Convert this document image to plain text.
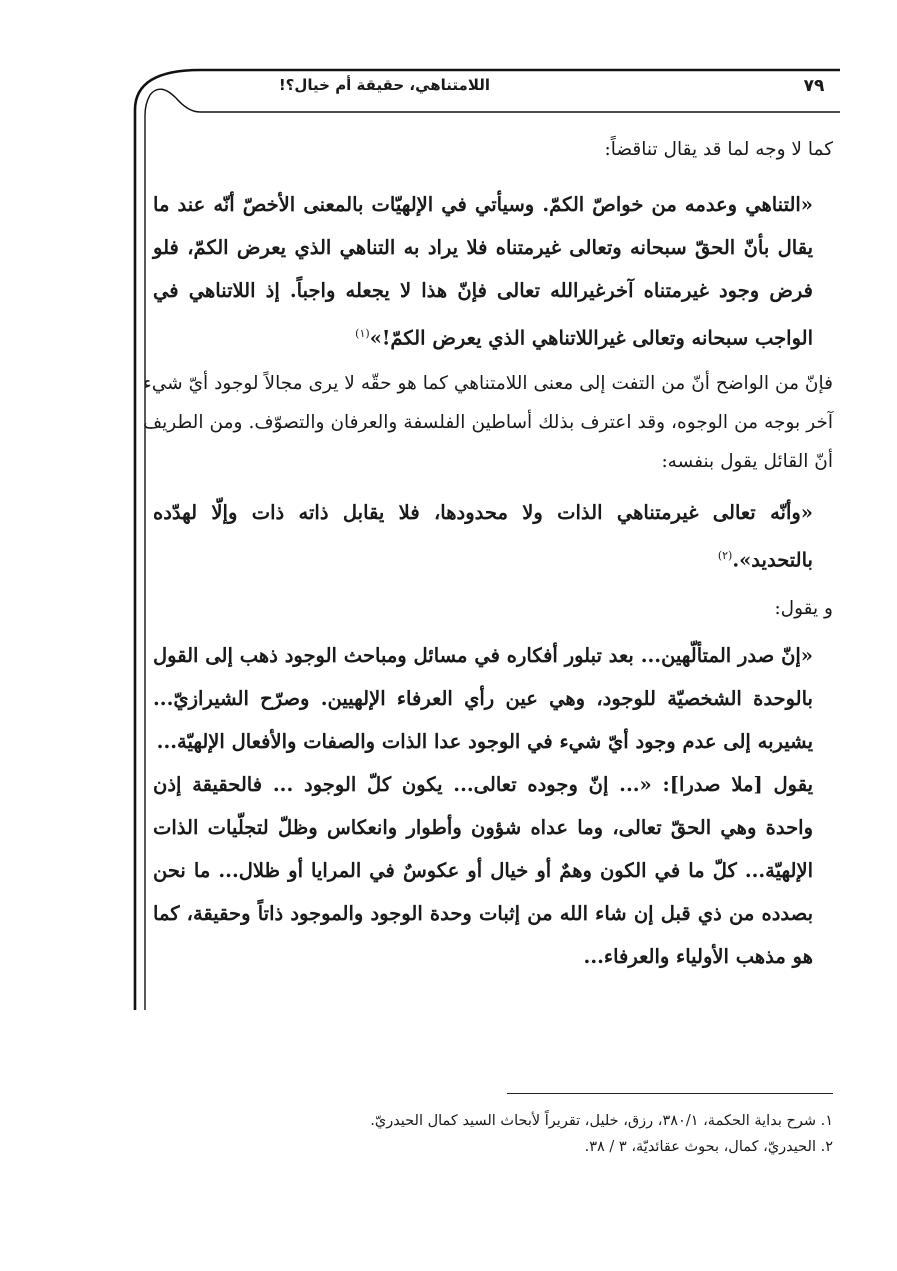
اللامتناهي، حقيقة أم خيال؟!	٧٩

كما لا وجه لما قد يقال تناقضاً:

«التناهي وعدمه من خواصّ الكمّ. وسيأتي في الإلهيّات بالمعنى الأخصّ أنّه عند ما يقال بأنّ الحقّ سبحانه وتعالى غيرمتناه فلا يراد به التناهي الذي يعرض الكمّ، فلو فرض وجود غيرمتناه آخرغيرالله تعالى فإنّ هذا لا يجعله واجباً. إذ اللاتناهي في الواجب سبحانه وتعالى غيراللاتناهي الذي يعرض الكمّ!»$^{(١)}$

فإنّ من الواضح أنّ من التفت إلى معنى اللامتناهي كما هو حقّه لا يرى مجالاً لوجود أيّ شيء آخر بوجه من الوجوه، وقد اعترف بذلك أساطين الفلسفة والعرفان والتصوّف. ومن الطريف أنّ القائل يقول بنفسه:

«وأنّه تعالى غيرمتناهي الذات ولا محدودها، فلا يقابل ذاته ذات وإلّا لهدّده بالتحديد».$^{(٢)}$

و يقول:

«إنّ صدر المتألّهين... بعد تبلور أفكاره في مسائل ومباحث الوجود ذهب إلى القول بالوحدة الشخصيّة للوجود، وهي عين رأي العرفاء الإلهيين. وصرّح الشيرازيّ... يشيربه إلى عدم وجود أيّ شيء في الوجود عدا الذات والصفات والأفعال الإلهيّة...

يقول [ملا صدرا]: «... إنّ وجوده تعالى... يكون كلّ الوجود ... فالحقيقة إذن واحدة وهي الحقّ تعالى، وما عداه شؤون وأطوار وانعكاس وظلّ لتجلّيات الذات الإلهيّة... كلّ ما في الكون وهمٌ أو خيال أو عكوسٌ في المرايا أو ظلال... ما نحن بصدده من ذي قبل إن شاء الله من إثبات وحدة الوجود والموجود ذاتاً وحقيقة، كما هو مذهب الأولياء والعرفاء...

١. شرح بداية الحكمة، ٣٨٠/١، رزق، خليل، تقريراً لأبحاث السيد كمال الحيدريّ.

٢. الحيدريّ، كمال، بحوث عقائديّة، ٣ / ٣٨.
